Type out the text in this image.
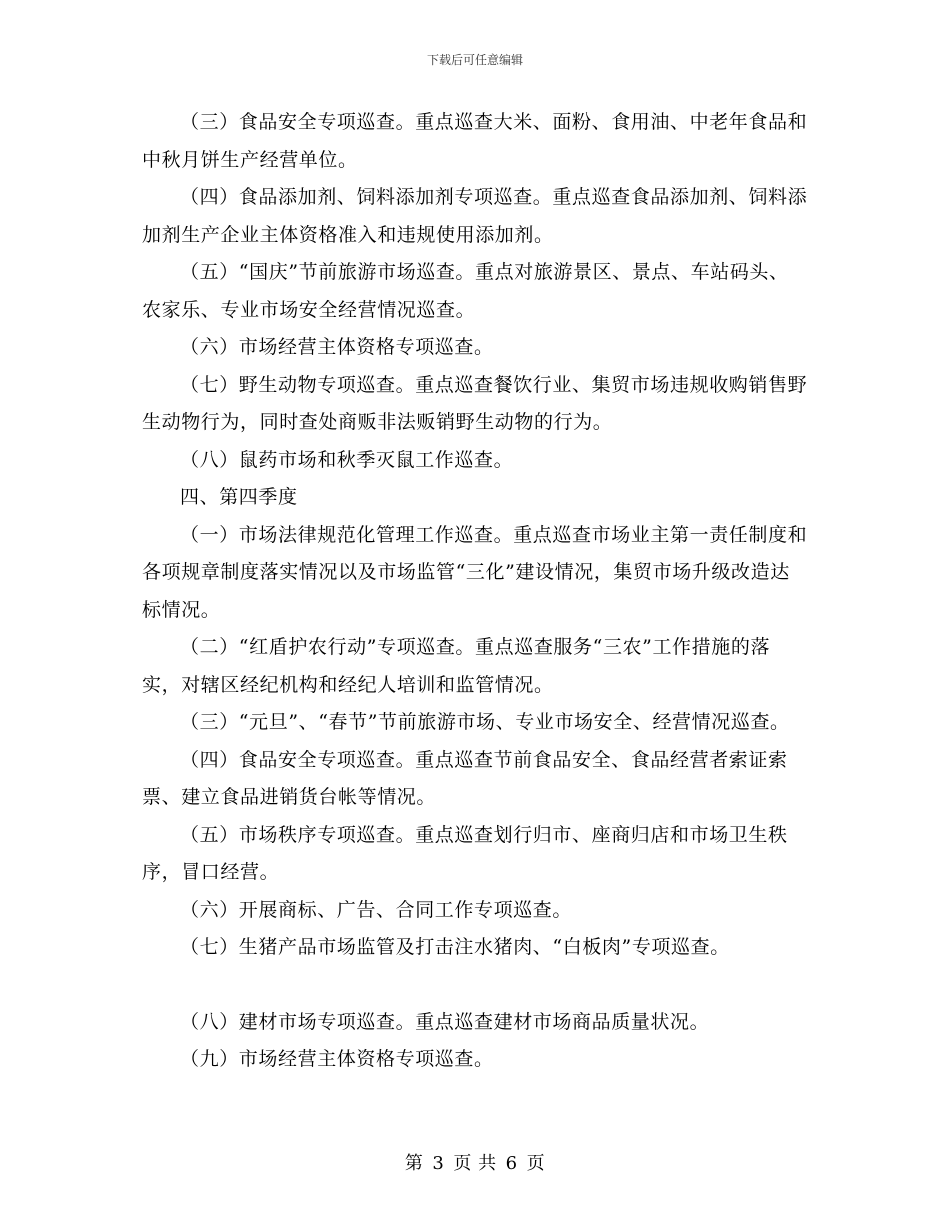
下载后可任意编辑

（三）食品安全专项巡查。重点巡查大米、面粉、食用油、中老年食品和中秋月饼生产经营单位。

（四）食品添加剂、饲料添加剂专项巡查。重点巡查食品添加剂、饲料添加剂生产企业主体资格准入和违规使用添加剂。

（五）“国庆”节前旅游市场巡查。重点对旅游景区、景点、车站码头、农家乐、专业市场安全经营情况巡查。

（六）市场经营主体资格专项巡查。

（七）野生动物专项巡查。重点巡查餐饮行业、集贸市场违规收购销售野生动物行为，同时查处商贩非法贩销野生动物的行为。

（八）鼠药市场和秋季灭鼠工作巡查。

四、第四季度

（一）市场法律规范化管理工作巡查。重点巡查市场业主第一责任制度和各项规章制度落实情况以及市场监管“三化”建设情况，集贸市场升级改造达标情况。

（二）“红盾护农行动”专项巡查。重点巡查服务“三农”工作措施的落实，对辖区经纪机构和经纪人培训和监管情况。

（三）“元旦”、“春节”节前旅游市场、专业市场安全、经营情况巡查。

（四）食品安全专项巡查。重点巡查节前食品安全、食品经营者索证索票、建立食品进销货台帐等情况。

（五）市场秩序专项巡查。重点巡查划行归市、座商归店和市场卫生秩序，冒口经营。

（六）开展商标、广告、合同工作专项巡查。

（七）生猪产品市场监管及打击注水猪肉、“白板肉”专项巡查。

（八）建材市场专项巡查。重点巡查建材市场商品质量状况。

（九）市场经营主体资格专项巡查。

第 3 页 共 6 页
